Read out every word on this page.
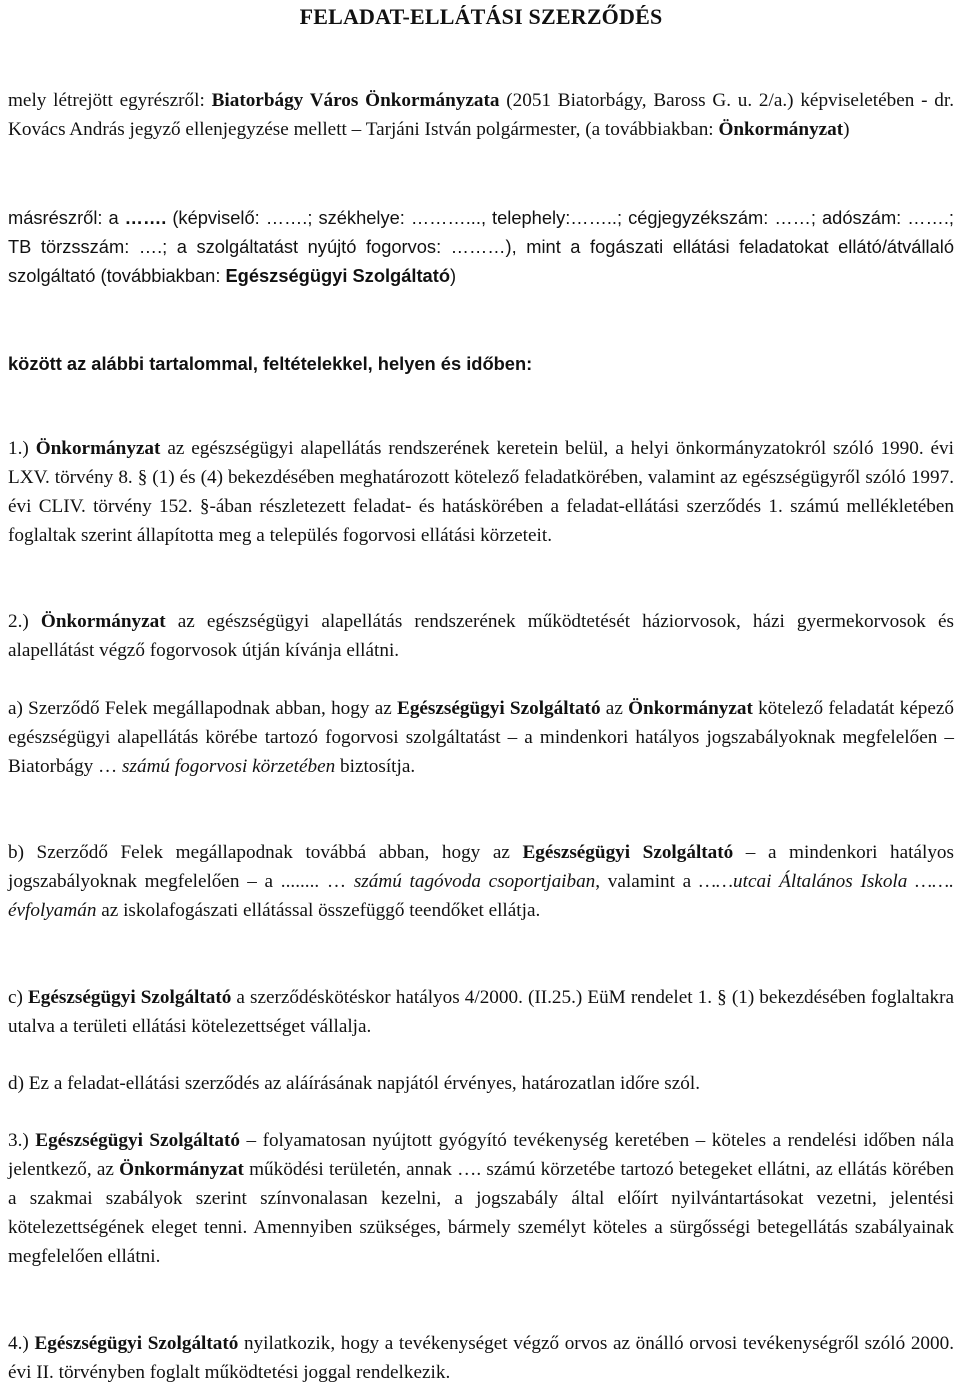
FELADAT-ELLÁTÁSI SZERZŐDÉS

mely létrejött egyrészről: Biatorbágy Város Önkormányzata (2051 Biatorbágy, Baross G. u. 2/a.) képviseletében - dr. Kovács András jegyző ellenjegyzése mellett – Tarjáni István polgármester, (a továbbiakban: Önkormányzat)

másrészről: a ……. (képviselő: …….; székhelye: ………..., telephely:……..; cégjegyzékszám: ……; adószám: …….; TB törzsszám: ….; a szolgáltatást nyújtó fogorvos: ………), mint a fogászati ellátási feladatokat ellátó/átvállaló szolgáltató (továbbiakban: Egészségügyi Szolgáltató)

között az alábbi tartalommal, feltételekkel, helyen és időben:

1.) Önkormányzat az egészségügyi alapellátás rendszerének keretein belül, a helyi önkormányzatokról szóló 1990. évi LXV. törvény 8. § (1) és (4) bekezdésében meghatározott kötelező feladatkörében, valamint az egészségügyről szóló 1997. évi CLIV. törvény 152. §-ában részletezett feladat- és hatáskörében a feladat-ellátási szerződés 1. számú mellékletében foglaltak szerint állapította meg a település fogorvosi ellátási körzeteit.

2.) Önkormányzat az egészségügyi alapellátás rendszerének működtetését háziorvosok, házi gyermekorvosok és alapellátást végző fogorvosok útján kívánja ellátni.

a) Szerződő Felek megállapodnak abban, hogy az Egészségügyi Szolgáltató az Önkormányzat kötelező feladatát képező egészségügyi alapellátás körébe tartozó fogorvosi szolgáltatást – a mindenkori hatályos jogszabályoknak megfelelően – Biatorbágy … számú fogorvosi körzetében biztosítja.

b) Szerződő Felek megállapodnak továbbá abban, hogy az Egészségügyi Szolgáltató – a mindenkori hatályos jogszabályoknak megfelelően – a ........ … számú tagóvoda csoportjaiban, valamint a ……utcai Általános Iskola ……. évfolyamán az iskolafogászati ellátással összefüggő teendőket ellátja.

c) Egészségügyi Szolgáltató a szerződéskötéskor hatályos 4/2000. (II.25.) EüM rendelet 1. § (1) bekezdésében foglaltakra utalva a területi ellátási kötelezettséget vállalja.

d) Ez a feladat-ellátási szerződés az aláírásának napjától érvényes, határozatlan időre szól.

3.) Egészségügyi Szolgáltató – folyamatosan nyújtott gyógyító tevékenység keretében – köteles a rendelési időben nála jelentkező, az Önkormányzat működési területén, annak …. számú körzetébe tartozó betegeket ellátni, az ellátás körében a szakmai szabályok szerint színvonalasan kezelni, a jogszabály által előírt nyilvántartásokat vezetni, jelentési kötelezettségének eleget tenni. Amennyiben szükséges, bármely személyt köteles a sürgősségi betegellátás szabályainak megfelelően ellátni.

4.) Egészségügyi Szolgáltató nyilatkozik, hogy a tevékenységet végző orvos az önálló orvosi tevékenységről szóló 2000. évi II. törvényben foglalt működtetési joggal rendelkezik.
